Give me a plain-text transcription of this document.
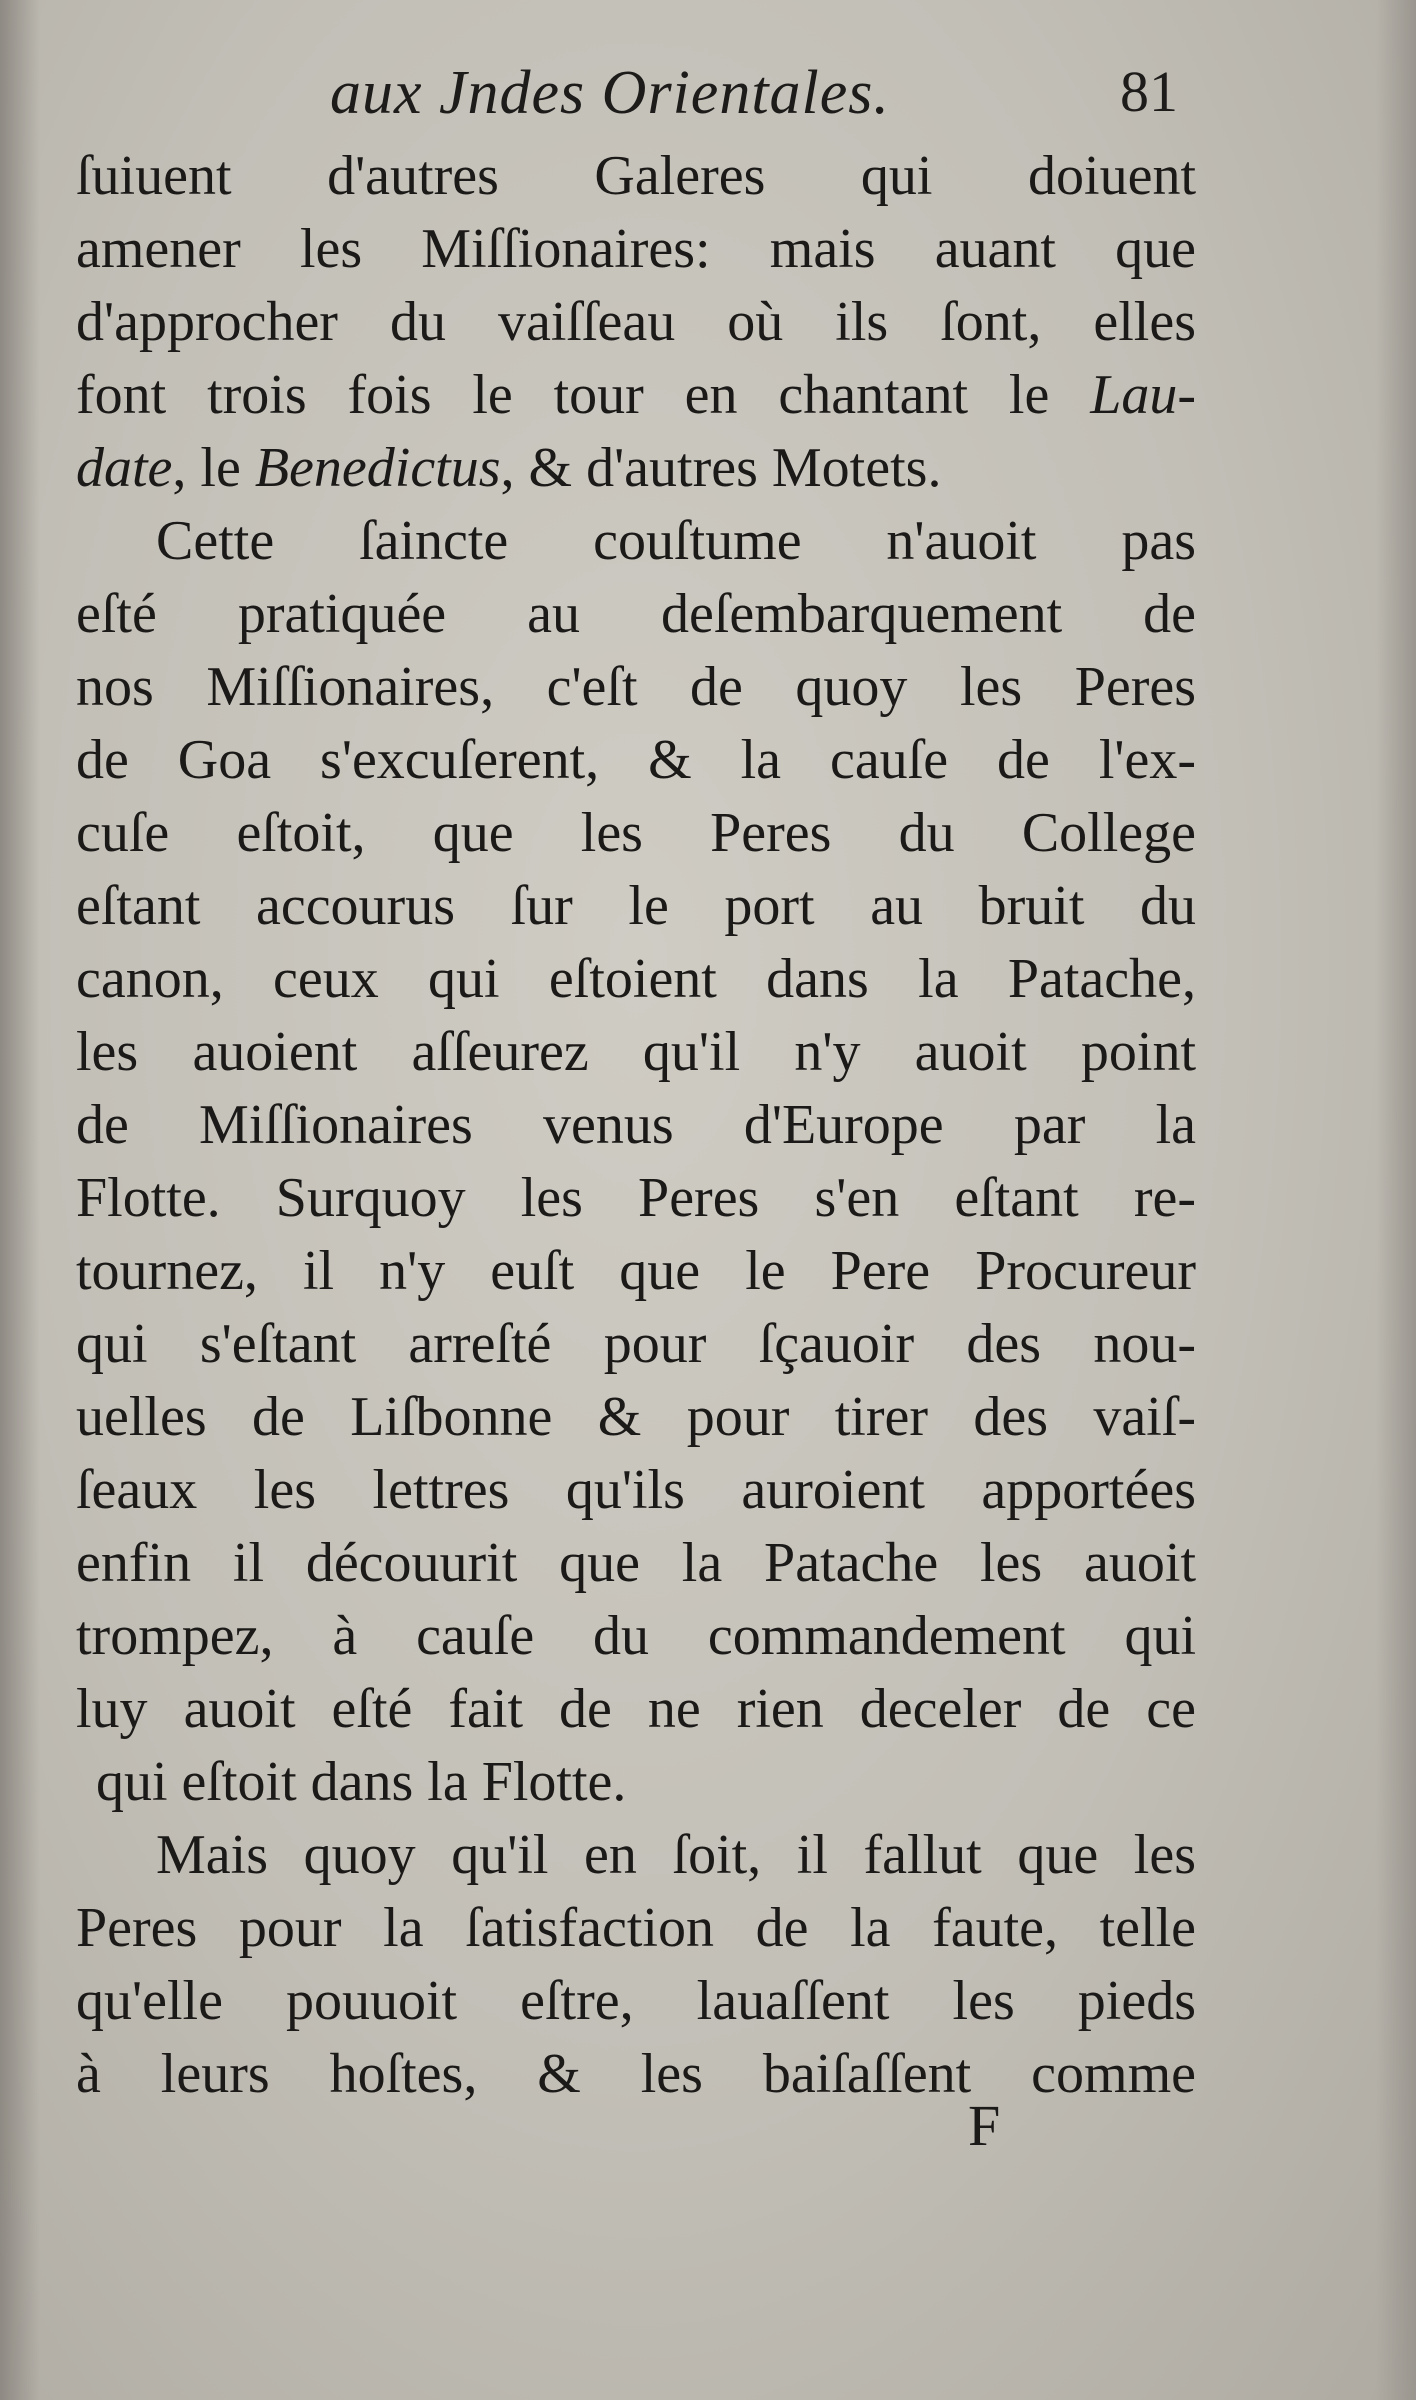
aux Jndes Orientales.	81
ſuiuent d'autres Galeres qui doiuent
amener les Miſſionaires: mais auant que
d'approcher du vaiſſeau où ils ſont, elles
font trois fois le tour en chantant le Lau-
date, le Benedictus, & d'autres Motets.
Cette ſaincte couſtume n'auoit pas
eſté pratiquée au deſembarquement de
nos Miſſionaires, c'eſt de quoy les Peres
de Goa s'excuſerent, & la cauſe de l'ex-
cuſe eſtoit, que les Peres du College
eſtant accourus ſur le port au bruit du
canon, ceux qui eſtoient dans la Patache,
les auoient aſſeurez qu'il n'y auoit point
de Miſſionaires venus d'Europe par la
Flotte. Surquoy les Peres s'en eſtant re-
tournez, il n'y euſt que le Pere Procureur
qui s'eſtant arreſté pour ſçauoir des nou-
uelles de Liſbonne & pour tirer des vaiſ-
ſeaux les lettres qu'ils auroient apportées
enfin il découurit que la Patache les auoit
trompez, à cauſe du commandement qui
luy auoit eſté fait de ne rien deceler de ce
qui eſtoit dans la Flotte.
Mais quoy qu'il en ſoit, il fallut que les
Peres pour la ſatisfaction de la faute, telle
qu'elle pouuoit eſtre, lauaſſent les pieds
à leurs hoſtes, & les baiſaſſent comme
F
